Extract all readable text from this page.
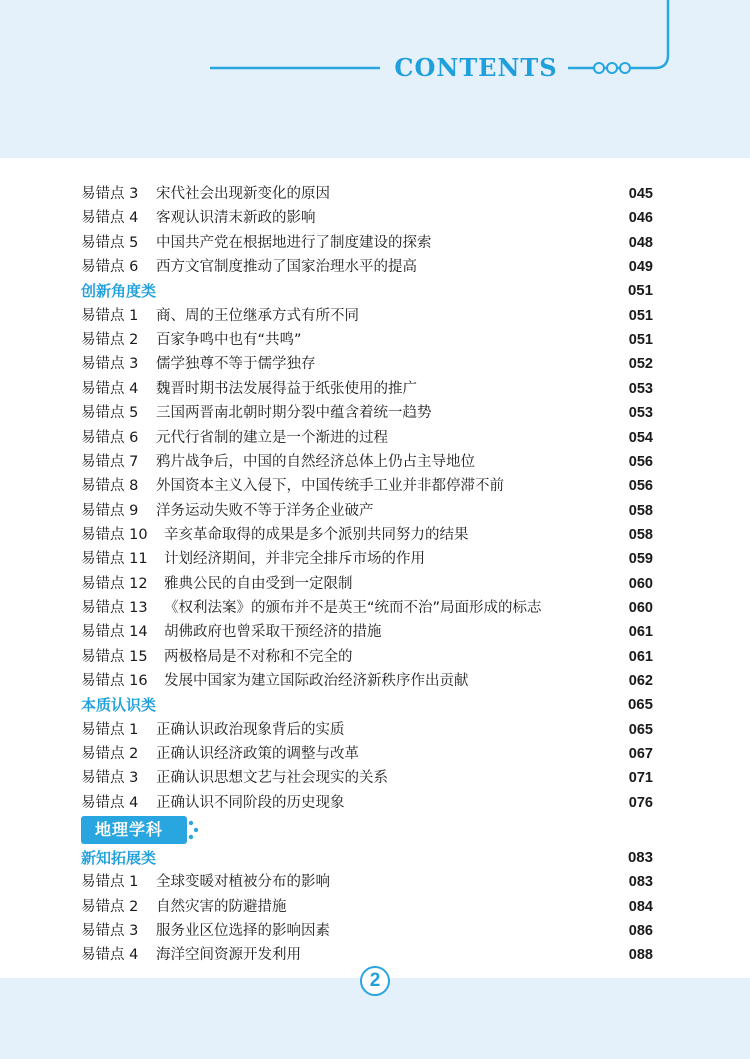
CONTENTS
地理学科
易错点 3 宋代社会出现新变化的原因	045
易错点 4 客观认识清末新政的影响	046
易错点 5 中国共产党在根据地进行了制度建设的探索	048
易错点 6 西方文官制度推动了国家治理水平的提高	049
创新角度类	051
易错点 1 商、周的王位继承方式有所不同	051
易错点 2 百家争鸣中也有“共鸣”	051
易错点 3 儒学独尊不等于儒学独存	052
易错点 4 魏晋时期书法发展得益于纸张使用的推广	053
易错点 5 三国两晋南北朝时期分裂中蕴含着统一趋势	053
易错点 6 元代行省制的建立是一个渐进的过程	054
易错点 7 鸦片战争后，中国的自然经济总体上仍占主导地位	056
易错点 8 外国资本主义入侵下，中国传统手工业并非都停滞不前	056
易错点 9 洋务运动失败不等于洋务企业破产	058
易错点 10 辛亥革命取得的成果是多个派别共同努力的结果	058
易错点 11 计划经济期间，并非完全排斥市场的作用	059
易错点 12 雅典公民的自由受到一定限制	060
易错点 13 《权利法案》的颁布并不是英王“统而不治”局面形成的标志	060
易错点 14 胡佛政府也曾采取干预经济的措施	061
易错点 15 两极格局是不对称和不完全的	061
易错点 16 发展中国家为建立国际政治经济新秩序作出贡献	062
本质认识类	065
易错点 1 正确认识政治现象背后的实质	065
易错点 2 正确认识经济政策的调整与改革	067
易错点 3 正确认识思想文艺与社会现实的关系	071
易错点 4 正确认识不同阶段的历史现象	076
新知拓展类	083
易错点 1 全球变暖对植被分布的影响	083
易错点 2 自然灾害的防避措施	084
易错点 3 服务业区位选择的影响因素	086
易错点 4 海洋空间资源开发利用	088
2
